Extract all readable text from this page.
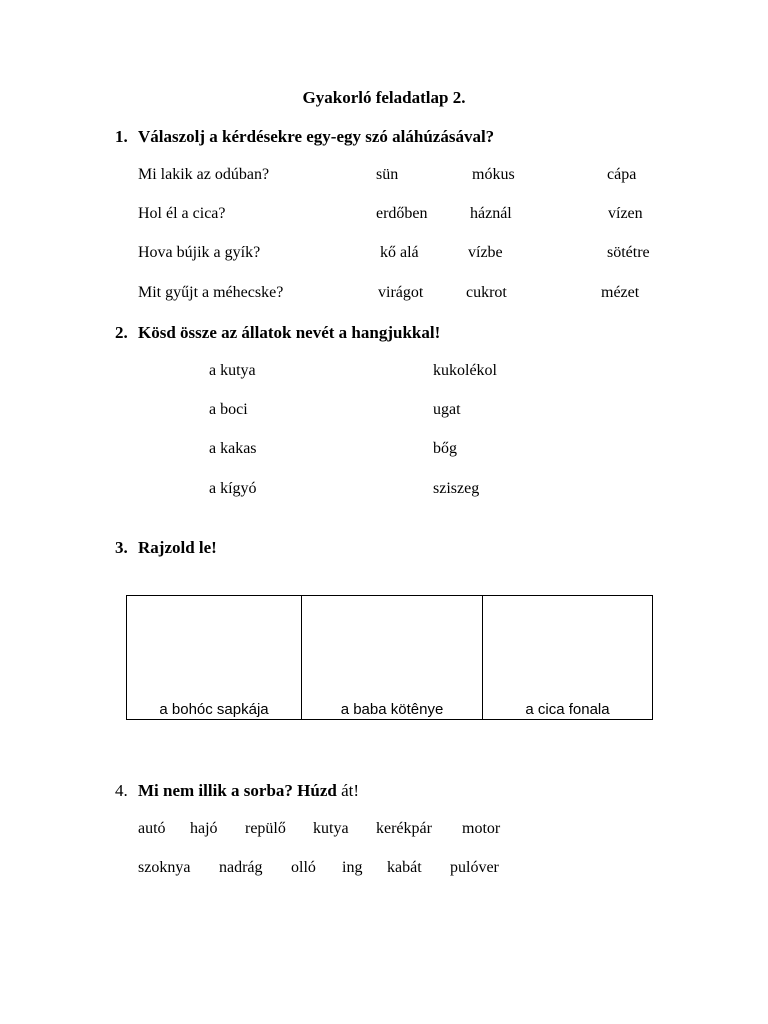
Gyakorló feladatlap 2.
1. Válaszolj a kérdésekre egy-egy szó aláhúzásával?
Mi lakik az odúban?	sün	mókus	cápa
Hol él a cica?	erdőben	háznál	vízen
Hova bújik a gyík?	kő alá	vízbe	sötétre
Mit gyűjt a méhecske?	virágot	cukrot	mézet
2. Kösd össze az állatok nevét a hangjukkal!
a kutya	kukolékol
a boci	ugat
a kakas	bőg
a kígyó	sziszeg
3. Rajzold le!
a bohóc sapkája	a baba kötênye	a cica fonala
4. Mi nem illik a sorba? Húzd át!
autó hajó repülő kutya kerékpár motor
szoknya nadrág olló ing kabát pulóver
